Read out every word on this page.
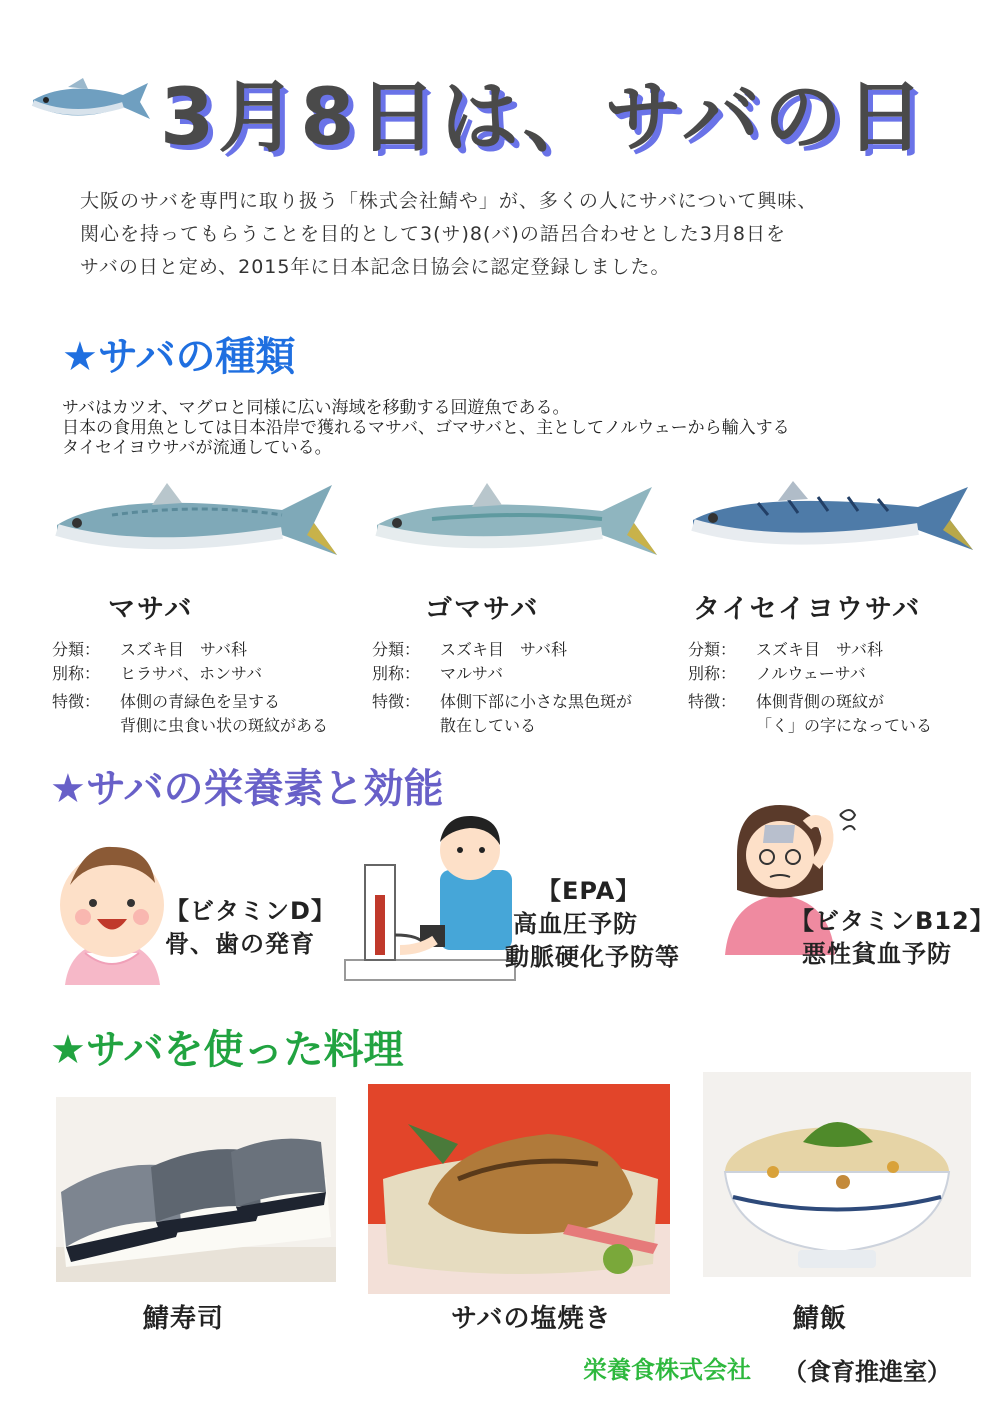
3月8日は、サバの日

大阪のサバを専門に取り扱う「株式会社鯖や」が、多くの人にサバについて興味、

関心を持ってもらうことを目的として3(サ)8(バ)の語呂合わせとした3月8日を

サバの日と定め、2015年に日本記念日協会に認定登録しました。

★サバの種類

サバはカツオ、マグロと同様に広い海域を移動する回遊魚である。

日本の食用魚としては日本沿岸で獲れるマサバ、ゴマサバと、主としてノルウェーから輸入する

タイセイヨウサバが流通している。

マサバ	ゴマサバ	タイセイヨウサバ
分類：	スズキ目　サバ科
別称：	ヒラサバ、ホンサバ
特徴：	体側の青緑色を呈する
背側に虫食い状の斑紋がある
分類：	スズキ目　サバ科
別称：	マルサバ
特徴：	体側下部に小さな黒色斑が
散在している
分類：	スズキ目　サバ科
別称：	ノルウェーサバ
特徴：	体側背側の斑紋が
「く」の字になっている
★サバの栄養素と効能
【ビタミンD】
骨、歯の発育
【EPA】
高血圧予防
動脈硬化予防等
【ビタミンB12】
悪性貧血予防
★サバを使った料理
鯖寿司	サバの塩焼き	鯖飯
栄養食株式会社 （食育推進室）
